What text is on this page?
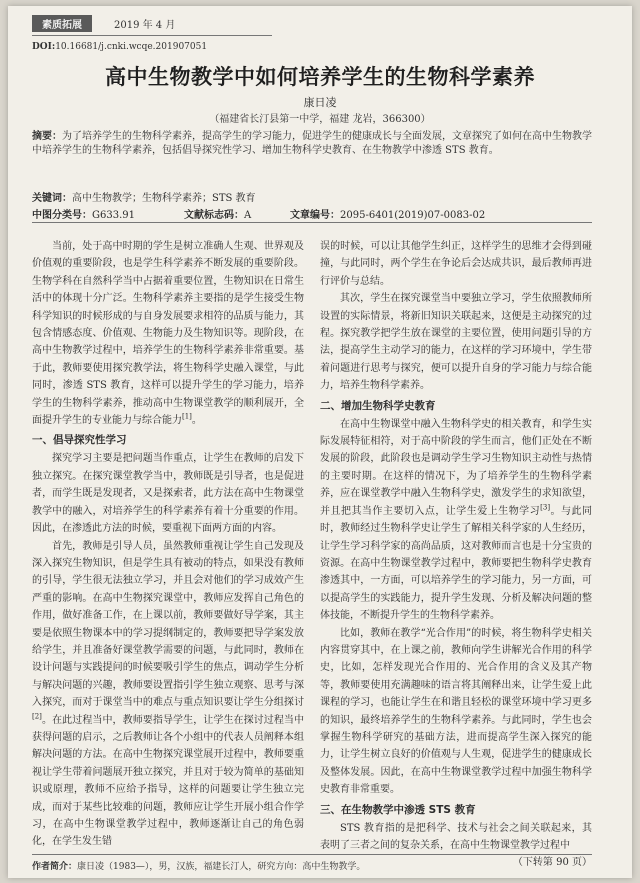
素质拓展	2019 年 4 月
DOI:10.16681/j.cnki.wcqe.201907051
高中生物教学中如何培养学生的生物科学素养
康日凌
（福建省长汀县第一中学，福建 龙岩，366300）
摘要：为了培养学生的生物科学素养，提高学生的学习能力，促进学生的健康成长与全面发展，文章探究了如何在高中生物教学中培养学生的生物科学素养，包括倡导探究性学习、增加生物科学史教育、在生物教学中渗透 STS 教育。
关键词：高中生物教学；生物科学素养；STS 教育
中图分类号：G633.91	文献标志码：A	文章编号：2095-6401(2019)07-0083-02

当前，处于高中时期的学生是树立准确人生观、世界观及价值观的重要阶段，也是学生科学素养不断发展的重要阶段。生物学科在自然科学当中占据着重要位置，生物知识在日常生活中的体现十分广泛。生物科学素养主要指的是学生接受生物科学知识的时候形成的与自身发展要求相符的品质与能力，其包含情感态度、价值观、生物能力及生物知识等。现阶段，在高中生物教学过程中，培养学生的生物科学素养非常重要。基于此，教师要使用探究教学法，将生物科学史融入课堂，与此同时，渗透 STS 教育，这样可以提升学生的学习能力，培养学生的生物科学素养，推动高中生物课堂教学的顺利展开，全面提升学生的专业能力与综合能力[1]。

一、倡导探究性学习

探究学习主要是把问题当作重点，让学生在教师的启发下独立探究。在探究课堂教学当中，教师既是引导者，也是促进者，而学生既是发现者，又是探索者，此方法在高中生物课堂教学中的融入，对培养学生的科学素养有着十分重要的作用。因此，在渗透此方法的时候，要重视下面两方面的内容。

首先，教师是引导人员，虽然教师重视让学生自己发现及深入探究生物知识，但是学生具有被动的特点，如果没有教师的引导，学生很无法独立学习，并且会对他们的学习成效产生严重的影响。在高中生物探究课堂中，教师应发挥自己角色的作用，做好准备工作，在上课以前，教师要做好导学案，其主要是依照生物课本中的学习提纲制定的，教师要把导学案发放给学生，并且准备好课堂教学需要的问题，与此同时，教师在设计问题与实践提问的时候要吸引学生的焦点，调动学生分析与解决问题的兴趣，教师要设置指引学生独立观察、思考与深入探究，而对于课堂当中的难点与重点知识要让学生分组探讨[2]。在此过程当中，教师要指导学生，让学生在探讨过程当中获得问题的启示，之后教师让各个小组中的代表人员阐释本组解决问题的方法。在高中生物探究课堂展开过程中，教师要重视让学生带着问题展开独立探究，并且对于较为简单的基础知识或原理，教师不应给予指导，这样的问题要让学生独立完成，而对于某些比较难的问题，教师应让学生开展小组合作学习，在高中生物课堂教学过程中，教师逐渐让自己的角色弱化，在学生发生错

误的时候，可以让其他学生纠正，这样学生的思维才会得到碰撞，与此同时，两个学生在争论后会达成共识，最后教师再进行评价与总结。

其次，学生在探究课堂当中要独立学习，学生依照教师所设置的实际情景，将新旧知识关联起来，这便是主动探究的过程。探究教学把学生放在课堂的主要位置，使用问题引导的方法，提高学生主动学习的能力，在这样的学习环境中，学生带着问题进行思考与探究，便可以提升自身的学习能力与综合能力，培养生物科学素养。

二、增加生物科学史教育

在高中生物课堂中融入生物科学史的相关教育，和学生实际发展特征相符，对于高中阶段的学生而言，他们正处在不断发展的阶段，此阶段也是调动学生学习生物知识主动性与热情的主要时期。在这样的情况下，为了培养学生的生物科学素养，应在课堂教学中融入生物科学史，激发学生的求知欲望，并且把其当作主要切入点，让学生爱上生物学习[3]。与此同时，教师经过生物科学史让学生了解相关科学家的人生经历，让学生学习科学家的高尚品质，这对教师而言也是十分宝贵的资源。在高中生物课堂教学过程中，教师要把生物科学史教育渗透其中，一方面，可以培养学生的学习能力，另一方面，可以提高学生的实践能力，提升学生发现、分析及解决问题的整体技能，不断提升学生的生物科学素养。

比如，教师在教学“光合作用”的时候，将生物科学史相关内容贯穿其中，在上课之前，教师向学生讲解光合作用的科学史，比如，怎样发现光合作用的、光合作用的含义及其产物等，教师要使用充满趣味的语言将其阐释出来，让学生爱上此课程的学习，也能让学生在和谐且轻松的课堂环境中学习更多的知识，最终培养学生的生物科学素养。与此同时，学生也会掌握生物科学研究的基础方法，进而提高学生深入探究的能力，让学生树立良好的价值观与人生观，促进学生的健康成长及整体发展。因此，在高中生物课堂教学过程中加强生物科学史教育非常重要。

三、在生物教学中渗透 STS 教育

STS 教育指的是把科学、技术与社会之间关联起来，其表明了三者之间的复杂关系，在高中生物课堂教学过程中

（下转第 90 页）
作者简介：康日凌（1983—），男，汉族，福建长汀人，研究方向：高中生物教学。
